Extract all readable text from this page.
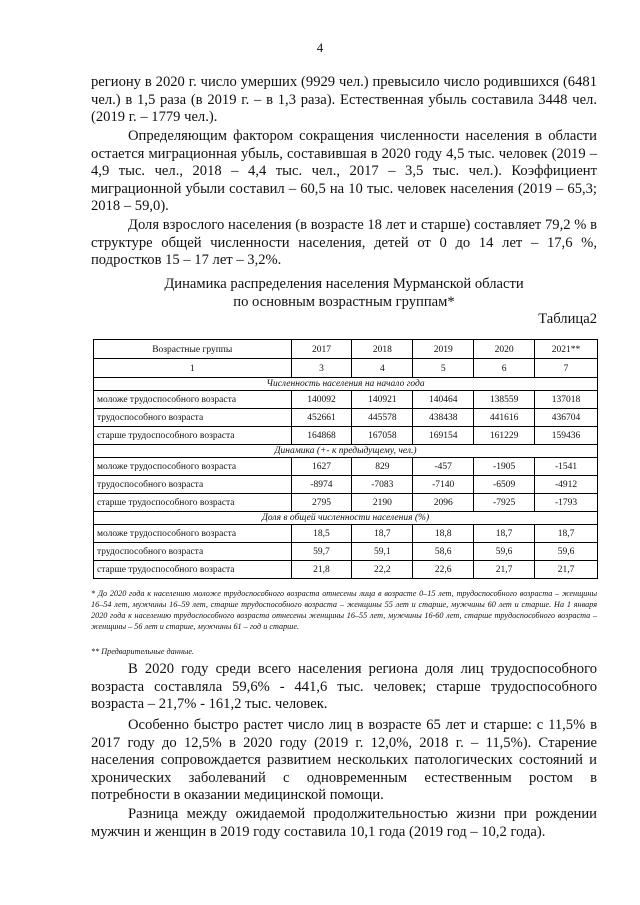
4

региону в 2020 г. число умерших (9929 чел.) превысило число родившихся (6481 чел.) в 1,5 раза (в 2019 г. – в 1,3 раза). Естественная убыль составила 3448 чел. (2019 г. – 1779 чел.).

Определяющим фактором сокращения численности населения в области остается миграционная убыль, составившая в 2020 году 4,5 тыс. человек (2019 – 4,9 тыс. чел., 2018 – 4,4 тыс. чел., 2017 – 3,5 тыс. чел.). Коэффициент миграционной убыли составил – 60,5 на 10 тыс. человек населения (2019 – 65,3; 2018 – 59,0).

Доля взрослого населения (в возрасте 18 лет и старше) составляет 79,2 % в структуре общей численности населения, детей от 0 до 14 лет – 17,6 %, подростков 15 – 17 лет – 3,2%.

Динамика распределения населения Мурманской области
по основным возрастным группам*
Таблица2
Возрастные группы	2017	2018	2019	2020	2021**
1	3	4	5	6	7
Численность населения на начало года					
моложе трудоспособного возраста	140092	140921	140464	138559	137018
трудоспособного возраста	452661	445578	438438	441616	436704
старше трудоспособного возраста	164868	167058	169154	161229	159436
Динамика (+- к предыдущему, чел.)					
моложе трудоспособного возраста	1627	829	-457	-1905	-1541
трудоспособного возраста	-8974	-7083	-7140	-6509	-4912
старше трудоспособного возраста	2795	2190	2096	-7925	-1793
Доля в общей численности населения (%)					
моложе трудоспособного возраста	18,5	18,7	18,8	18,7	18,7
трудоспособного возраста	59,7	59,1	58,6	59,6	59,6
старше трудоспособного возраста	21,8	22,2	22,6	21,7	21,7

* До 2020 года к населению моложе трудоспособного возраста отнесены лица в возрасте 0–15 лет, трудоспособного возраста – женщины 16–54 лет, мужчины 16–59 лет, старше трудоспособного возраста – женщины 55 лет и старше, мужчины 60 лет и старше. На 1 января 2020 года к населению трудоспособного возраста отнесены женщины 16–55 лет, мужчины 16-60 лет, старше трудоспособного возраста – женщины – 56 лет и старше, мужчины 61 – год и старше.

** Предварительные данные.

В 2020 году среди всего населения региона доля лиц трудоспособного возраста составляла 59,6% - 441,6 тыс. человек; старше трудоспособного возраста – 21,7% - 161,2 тыс. человек.

Особенно быстро растет число лиц в возрасте 65 лет и старше: с 11,5% в 2017 году до 12,5% в 2020 году (2019 г. 12,0%, 2018 г. – 11,5%). Старение населения сопровождается развитием нескольких патологических состояний и хронических заболеваний с одновременным естественным ростом в потребности в оказании медицинской помощи.

Разница между ожидаемой продолжительностью жизни при рождении мужчин и женщин в 2019 году составила 10,1 года (2019 год – 10,2 года).
